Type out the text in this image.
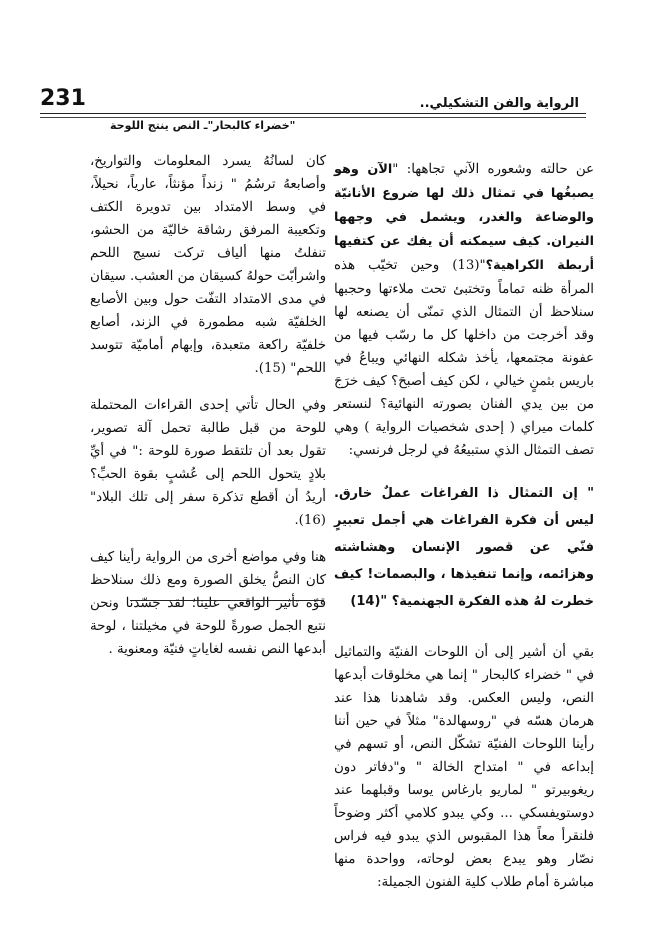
231	الرواية والفن التشكيلي..
"خضراء كالبحار"ـ النص ينتج اللوحة

عن حالته وشعوره الآني تجاهها: "الآن وهو يصبغُها في تمثال ذلك لها ضروع الأنانيّة والوضاعة والغدر، ويشمل في وجهها النيران. كيف سيمكنه أن يفك عن كتفيها أربطة الكراهية؟"(13) وحين تخيّب هذه المرأة ظنه تماماً وتختبئ تحت ملاءتها وحجبها سنلاحظ أن التمثال الذي تمنّى أن يصنعه لها وقد أخرجت من داخلها كل ما رسّب فيها من عفونة مجتمعها، يأخذ شكله النهائي ويباعُ في باريس بثمنٍ خيالي ، لكن كيف أصبحَ؟ كيف خرَجَ من بين يدي الفنان بصورته النهائية؟ لنستعر كلمات ميراي ( إحدى شخصيات الرواية ) وهي تصف التمثال الذي ستبيعُهُ في لرجل فرنسي:

" إن التمثال ذا الفراغات عملٌ خارق. ليس أن فكرة الفراغات هي أجمل تعبيرٍ فنّي عن قصور الإنسان وهشاشته وهزائمه، وإنما تنفيذها ، والبصمات! كيف خطرت لهُ هذه الفكرة الجهنمية؟ "(14)

بقي أن أشير إلى أن اللوحات الفنيّة والتماثيل في " خضراء كالبحار " إنما هي مخلوقات أبدعها النص، وليس العكس. وقد شاهدنا هذا عند هرمان هسّه في "روسهالدة" مثلاً في حين أننا رأينا اللوحات الفنيّة تشكّل النص، أو تسهم في إبداعه في " امتداح الخالة " و"دفاتر دون ريغوبيرتو " لماريو بارغاس يوسا وقبلهما عند دوستويفسكي ... وكي يبدو كلامي أكثر وضوحاً فلنقرأ معاً هذا المقبوس الذي يبدو فيه فراس نصّار وهو يبدع بعض لوحاته، وواحدة منها مباشرة أمام طلاب كلية الفنون الجميلة:

كان لسانُهُ يسرد المعلومات والتواريخ، وأصابعهُ ترسُمُ " زنداً مؤنثاً، عارياً، نحيلاً، في وسط الامتداد بين تدويرة الكتف وتكعيبة المرفق رشاقة خاليّة من الحشو، تنفلتُ منها ألياف تركت نسيج اللحم واشرأبّت حولهُ كسيقان من العشب. سيقان في مدى الامتداد التفّت حول وبين الأصابع الخلفيّة شبه مطمورة في الزند، أصابع خلفيّة راكعة متعبدة، وإبهام أماميّة تتوسد اللحم" (15).

وفي الحال تأتي إحدى القراءات المحتملة للوحة من قبل طالبة تحمل آلة تصوير، تقول بعد أن تلتقط صورة للوحة :" في أيِّ بلادٍ يتحول اللحم إلى عُشبٍ بقوة الحبِّ؟أريدُ أن أقطع تذكرة سفر إلى تلك البلاد" (16).

هنا وفي مواضع أخرى من الرواية رأينا كيف كان النصُّ يخلق الصورة ومع ذلك سنلاحظ قوّة تأثير الواقعي علينا؛ لقد جسّدنا ونحن نتبع الجمل صورةً للوحة في مخيلتنا ، لوحة أبدعها النص نفسه لغاياتٍ فنيّة ومعنوية .
